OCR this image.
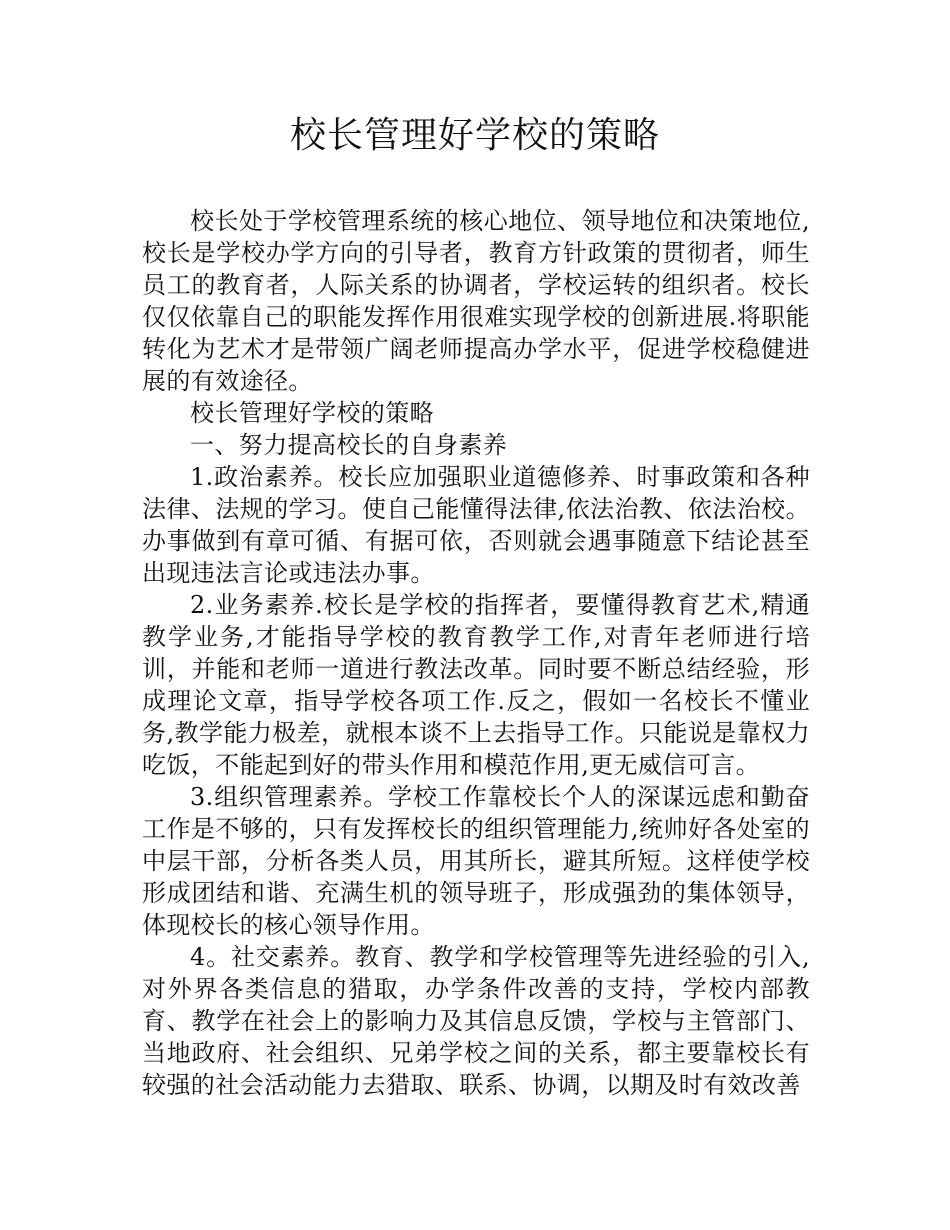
校长管理好学校的策略

校长处于学校管理系统的核心地位、领导地位和决策地位,校长是学校办学方向的引导者，教育方针政策的贯彻者，师生员工的教育者，人际关系的协调者，学校运转的组织者。校长仅仅依靠自己的职能发挥作用很难实现学校的创新进展.将职能转化为艺术才是带领广阔老师提高办学水平，促进学校稳健进展的有效途径。

校长管理好学校的策略

一、努力提高校长的自身素养

1.政治素养。校长应加强职业道德修养、时事政策和各种法律、法规的学习。使自己能懂得法律,依法治教、依法治校。办事做到有章可循、有据可依，否则就会遇事随意下结论甚至出现违法言论或违法办事。

2.业务素养.校长是学校的指挥者，要懂得教育艺术,精通教学业务,才能指导学校的教育教学工作,对青年老师进行培训，并能和老师一道进行教法改革。同时要不断总结经验，形成理论文章，指导学校各项工作.反之，假如一名校长不懂业务,教学能力极差，就根本谈不上去指导工作。只能说是靠权力吃饭，不能起到好的带头作用和模范作用,更无威信可言。

3.组织管理素养。学校工作靠校长个人的深谋远虑和勤奋工作是不够的，只有发挥校长的组织管理能力,统帅好各处室的中层干部，分析各类人员，用其所长，避其所短。这样使学校形成团结和谐、充满生机的领导班子，形成强劲的集体领导，体现校长的核心领导作用。

4。社交素养。教育、教学和学校管理等先进经验的引入,对外界各类信息的猎取，办学条件改善的支持，学校内部教育、教学在社会上的影响力及其信息反馈，学校与主管部门、当地政府、社会组织、兄弟学校之间的关系，都主要靠校长有较强的社会活动能力去猎取、联系、协调，以期及时有效改善
